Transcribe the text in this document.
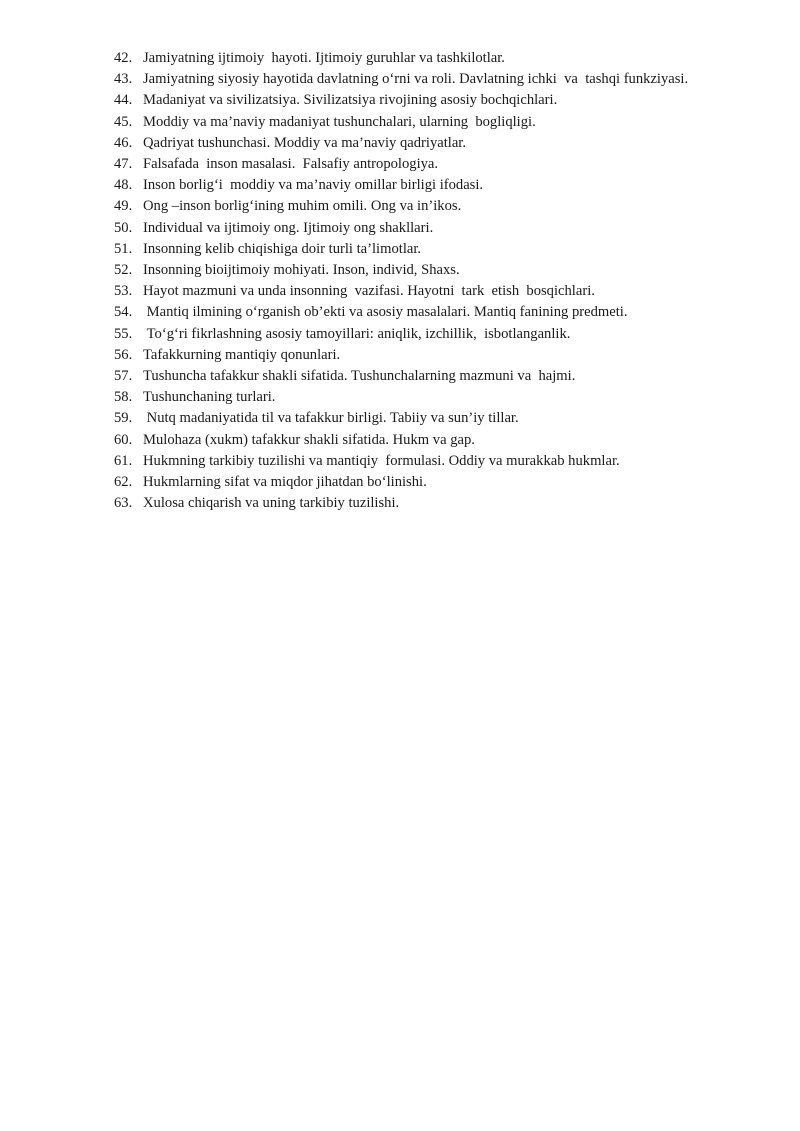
42. Jamiyatning ijtimoiy  hayoti. Ijtimoiy guruhlar va tashkilotlar.
43. Jamiyatning siyosiy hayotida davlatning o‘rni va roli. Davlatning ichki  va  tashqi funkziyasi.
44. Madaniyat va sivilizatsiya. Sivilizatsiya rivojining asosiy bochqichlari.
45. Moddiy va ma’naviy madaniyat tushunchalari, ularning  bogliqligi.
46. Qadriyat tushunchasi. Moddiy va ma’naviy qadriyatlar.
47. Falsafada  inson masalasi.  Falsafiy antropologiya.
48. Inson borlig‘i  moddiy va ma’naviy omillar birligi ifodasi.
49. Ong –inson borlig‘ining muhim omili. Ong va in’ikos.
50. Individual va ijtimoiy ong. Ijtimoiy ong shakllari.
51. Insonning kelib chiqishiga doir turli ta’limotlar.
52. Insonning bioijtimoiy mohiyati. Inson, individ, Shaxs.
53. Hayot mazmuni va unda insonning  vazifasi. Hayotni  tark  etish  bosqichlari.
54. Mantiq ilmining o‘rganish ob’ekti va asosiy masalalari. Mantiq fanining predmeti.
55. To‘g‘ri fikrlashning asosiy tamoyillari: aniqlik, izchillik,  isbotlanganlik.
56. Tafakkurning mantiqiy qonunlari.
57. Tushuncha tafakkur shakli sifatida. Tushunchalarning mazmuni va  hajmi.
58. Tushunchaning turlari.
59. Nutq madaniyatida til va tafakkur birligi. Tabiiy va sun’iy tillar.
60. Mulohaza (xukm) tafakkur shakli sifatida. Hukm va gap.
61. Hukmning tarkibiy tuzilishi va mantiqiy  formulasi. Oddiy va murakkab hukmlar.
62. Hukmlarning sifat va miqdor jihatdan bo‘linishi.
63. Xulosa chiqarish va uning tarkibiy tuzilishi.
